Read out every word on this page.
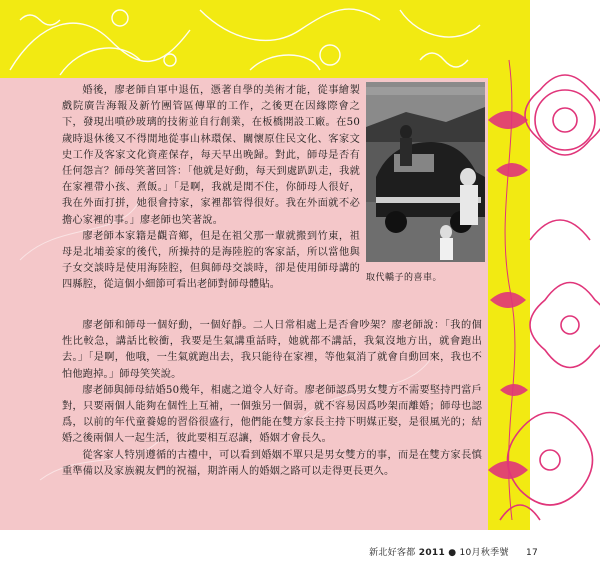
取代轎子的喜車。

婚後，廖老師自軍中退伍，憑著自學的美術才能，從事繪製戲院廣告海報及新竹團管區傳單的工作，之後更在因緣際會之下，發現出噴砂玻璃的技術並自行創業，在板橋開設工廠。在50歲時退休後又不得閒地從事山林環保、關懷原住民文化、客家文史工作及客家文化資產保存，每天早出晚歸。對此，師母是否有任何怨言？師母笑著回答：「他就是好動，每天到處趴趴走，我就在家裡帶小孩、煮飯。」「是啊，我就是閒不住，你師母人很好，我在外面打拼，她很會持家，家裡都管得很好。我在外面就不必擔心家裡的事。」廖老師也笑著說。

廖老師本家籍是觀音鄉，但是在祖父那一輩就搬到竹東，祖母是北埔姜家的後代，所操持的是海陸腔的客家話，所以當他與子女交談時是使用海陸腔，但與師母交談時，卻是使用師母講的四縣腔，從這個小細節可看出老師對師母體貼。

廖老師和師母一個好動，一個好靜。二人日常相處上是否會吵架？廖老師說：「我的個性比較急，講話比較衝，我要是生氣講重話時，她就都不講話，我氣沒地方出，就會跑出去。」「是啊，他哦，一生氣就跑出去，我只能待在家裡，等他氣消了就會自動回來，我也不怕他跑掉。」師母笑笑說。

廖老師與師母結婚50幾年，相處之道令人好奇。廖老師認爲男女雙方不需要堅持門當戶對，只要兩個人能夠在個性上互補，一個強另一個弱，就不容易因爲吵架而離婚；師母也認爲，以前的年代童養媳的習俗很盛行，他們能在雙方家長主持下明媒正娶，是很風光的；結婚之後兩個人一起生活，彼此要相互忍讓，婚姻才會長久。

從客家人特別遵循的古禮中，可以看到婚姻不單只是男女雙方的事，而是在雙方家長慎重準備以及家族親友們的祝福，期許兩人的婚姻之路可以走得更長更久。

新北好客都 2011 ● 10月秋季號 17
